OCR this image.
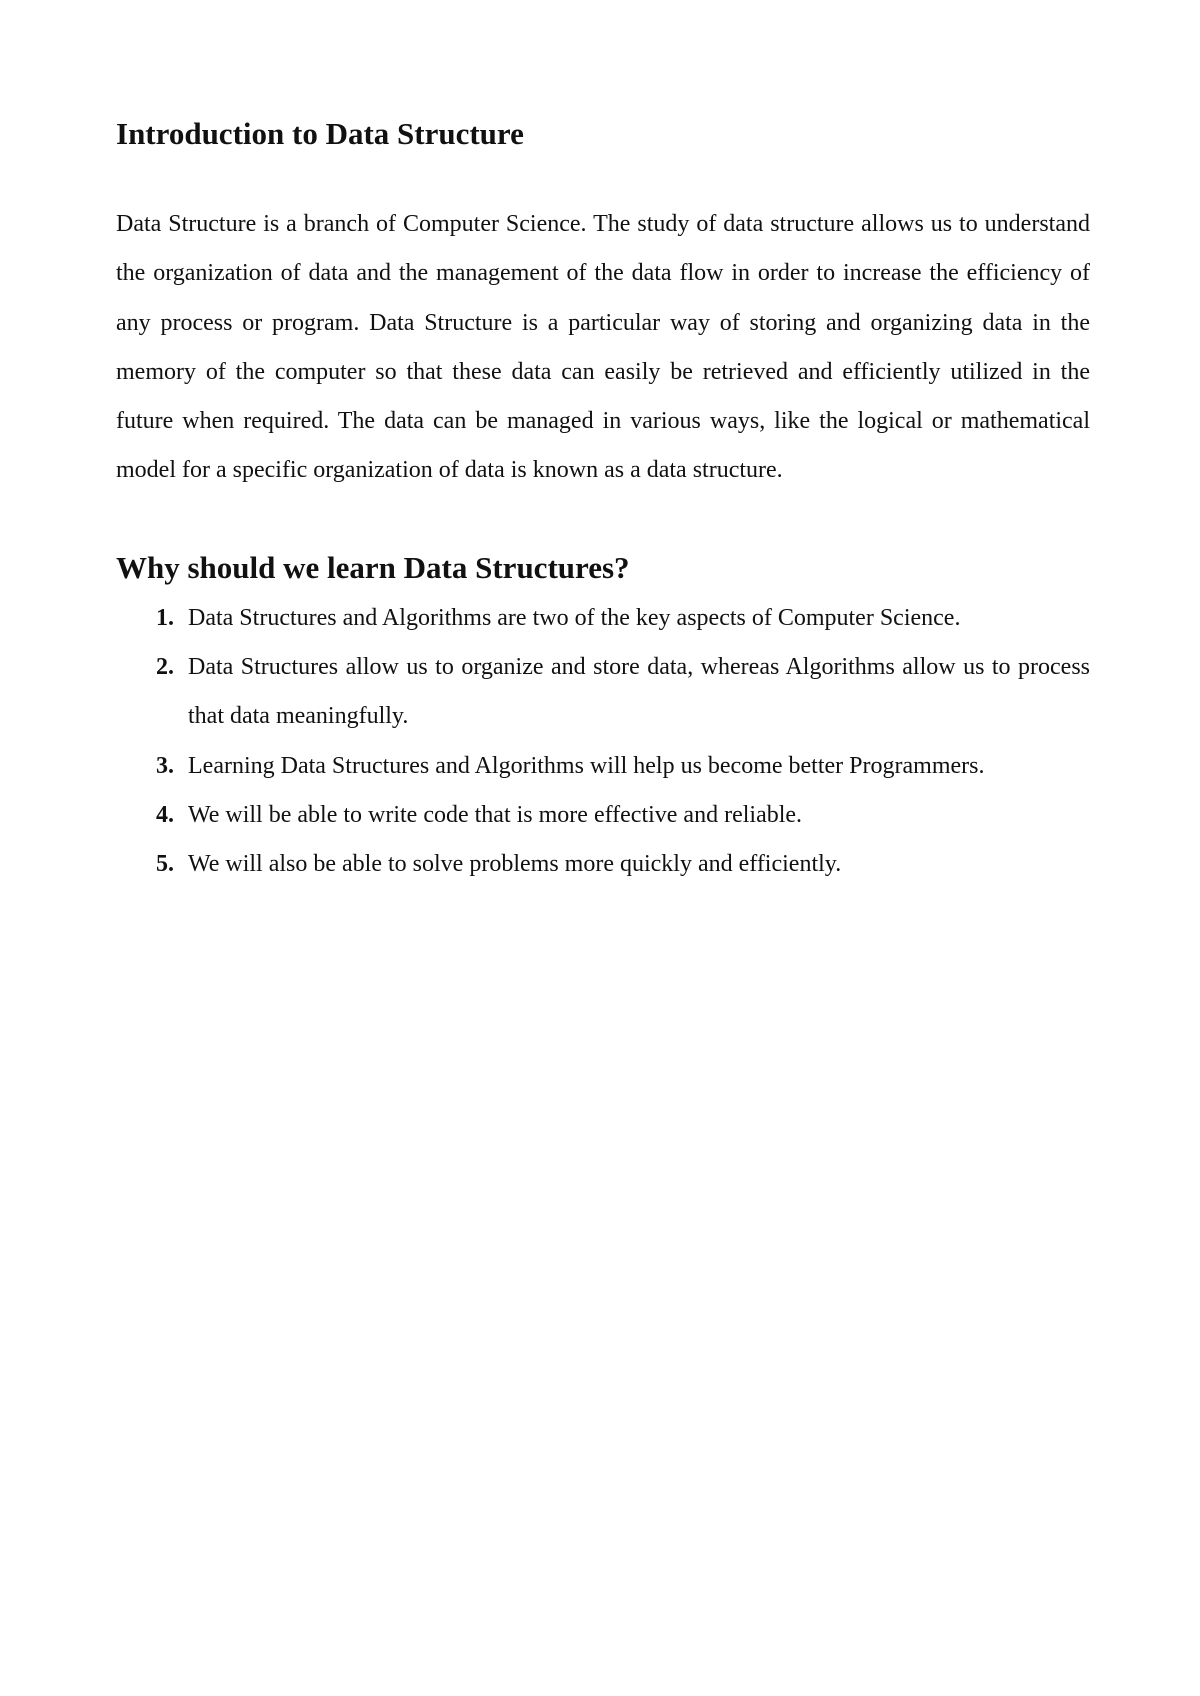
Introduction to Data Structure

Data Structure is a branch of Computer Science. The study of data structure allows us to understand the organization of data and the management of the data flow in order to increase the efficiency of any process or program. Data Structure is a particular way of storing and organizing data in the memory of the computer so that these data can easily be retrieved and efficiently utilized in the future when required. The data can be managed in various ways, like the logical or mathematical model for a specific organization of data is known as a data structure.

Why should we learn Data Structures?
1. Data Structures and Algorithms are two of the key aspects of Computer Science.
2. Data Structures allow us to organize and store data, whereas Algorithms allow us to process that data meaningfully.
3. Learning Data Structures and Algorithms will help us become better Programmers.
4. We will be able to write code that is more effective and reliable.
5. We will also be able to solve problems more quickly and efficiently.
